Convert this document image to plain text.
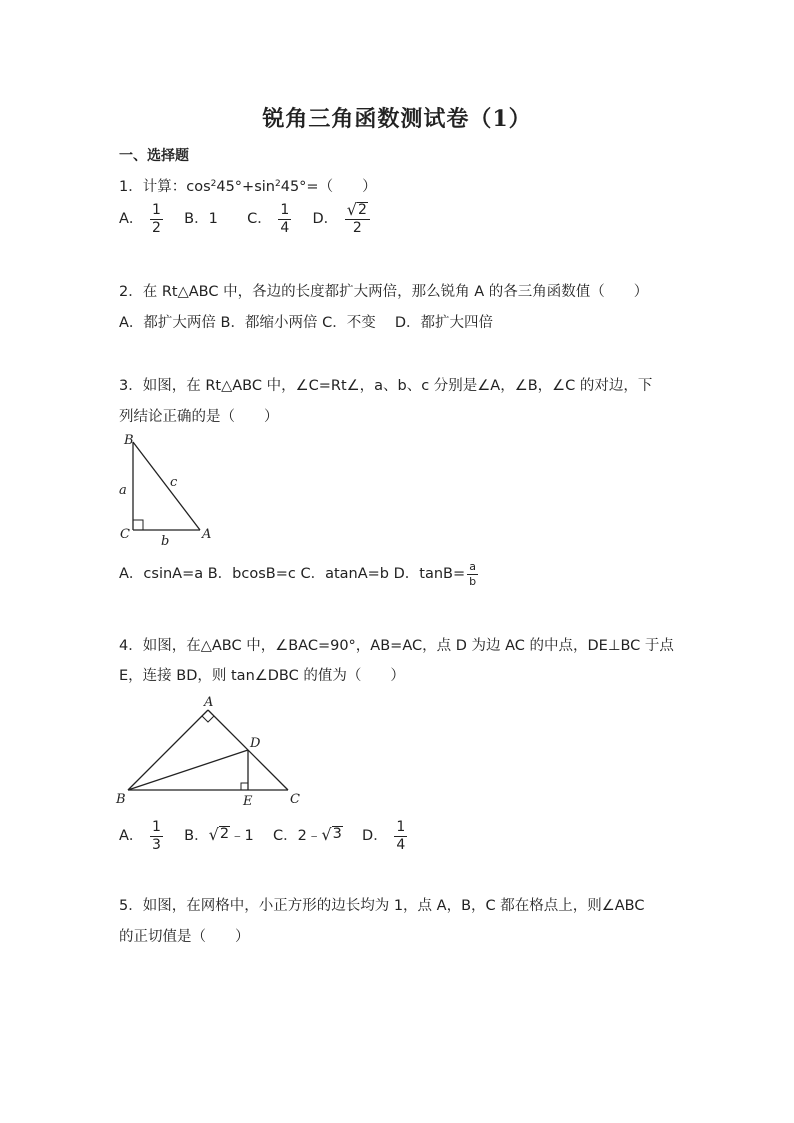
锐角三角函数测试卷（1）
一、选择题
1．计算：$\cos^245^\circ+\sin^245^\circ=$（　　）
A． $\frac{1}{2}$ B．1 C． $\frac{1}{4}$ D． $\frac{√ 2}{2}$
2．在 Rt△ABC 中，各边的长度都扩大两倍，那么锐角 A 的各三角函数值（　　）
A．都扩大两倍 B．都缩小两倍 C．不变　 D．都扩大四倍
3．如图，在 Rt△ABC 中，∠C=Rt∠，a、b、c 分别是∠A，∠B，∠C 的对边，下
列结论正确的是（　　）
B
C	A
a
b
c
A．csinA=a B．bcosB=c C．atanA=b D．$\tan B= \frac{a}{b}$
4．如图，在△ABC 中，∠BAC=90°，AB=AC，点 D 为边 AC 的中点，DE⊥BC 于点
E，连接 BD，则 tan∠DBC 的值为（　　）
A
B	C
D
E
A． $\frac{1}{3}$ B． √ 2 ﹣1 C．2﹣ √ 3 D． $\frac{1}{4}$
5．如图，在网格中，小正方形的边长均为 1，点 A，B，C 都在格点上，则∠ABC
的正切值是（　　）
